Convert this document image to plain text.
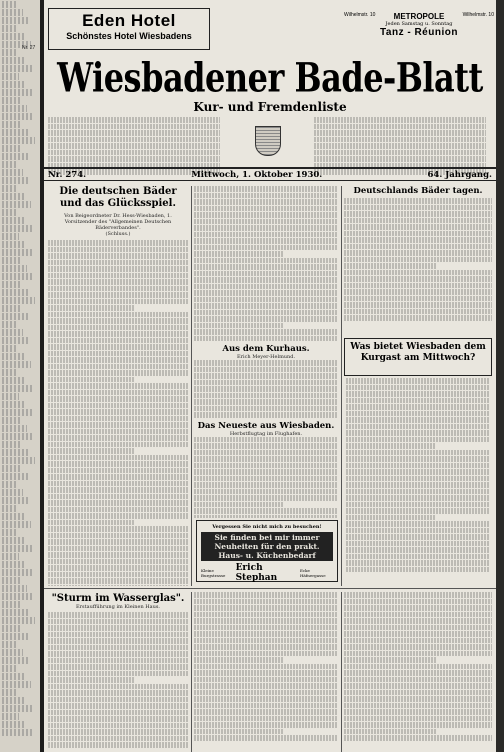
Nr. 27
Eden Hotel
Schönstes Hotel Wiesbadens
Wilhelmstr. 10 METROPOLE	Wilhelmstr. 10
Jeden Samstag u. Sonntag
Tanz - Réunion
Wiesbadener Bade-Blatt
Kur- und Fremdenliste
Nr. 274.	Mittwoch, 1. Oktober 1930.	64. Jahrgang.
Die deutschen Bäder und das Glücksspiel.
Von Beigeordneter Dr. Hess-Wiesbaden, 1. Vorsitzender des "Allgemeinen Deutschen Bäderverbandes".
(Schluss.)
Aus dem Kurhaus.
Erich Meyer-Helmund.
Das Neueste aus Wiesbaden.
Herbstflugtag im Flughafen.
Vergessen Sie nicht mich zu besuchen!
Sie finden bei mir immer Neuheiten für den prakt. Haus- u. Küchenbedarf
Kleine Burgstrasse
Erich Stephan
Ecke Häfnergasse
Deutschlands Bäder tagen.
Was bietet Wiesbaden dem Kurgast am Mittwoch?
"Sturm im Wasserglas".
Erstaufführung im Kleinen Haus.
